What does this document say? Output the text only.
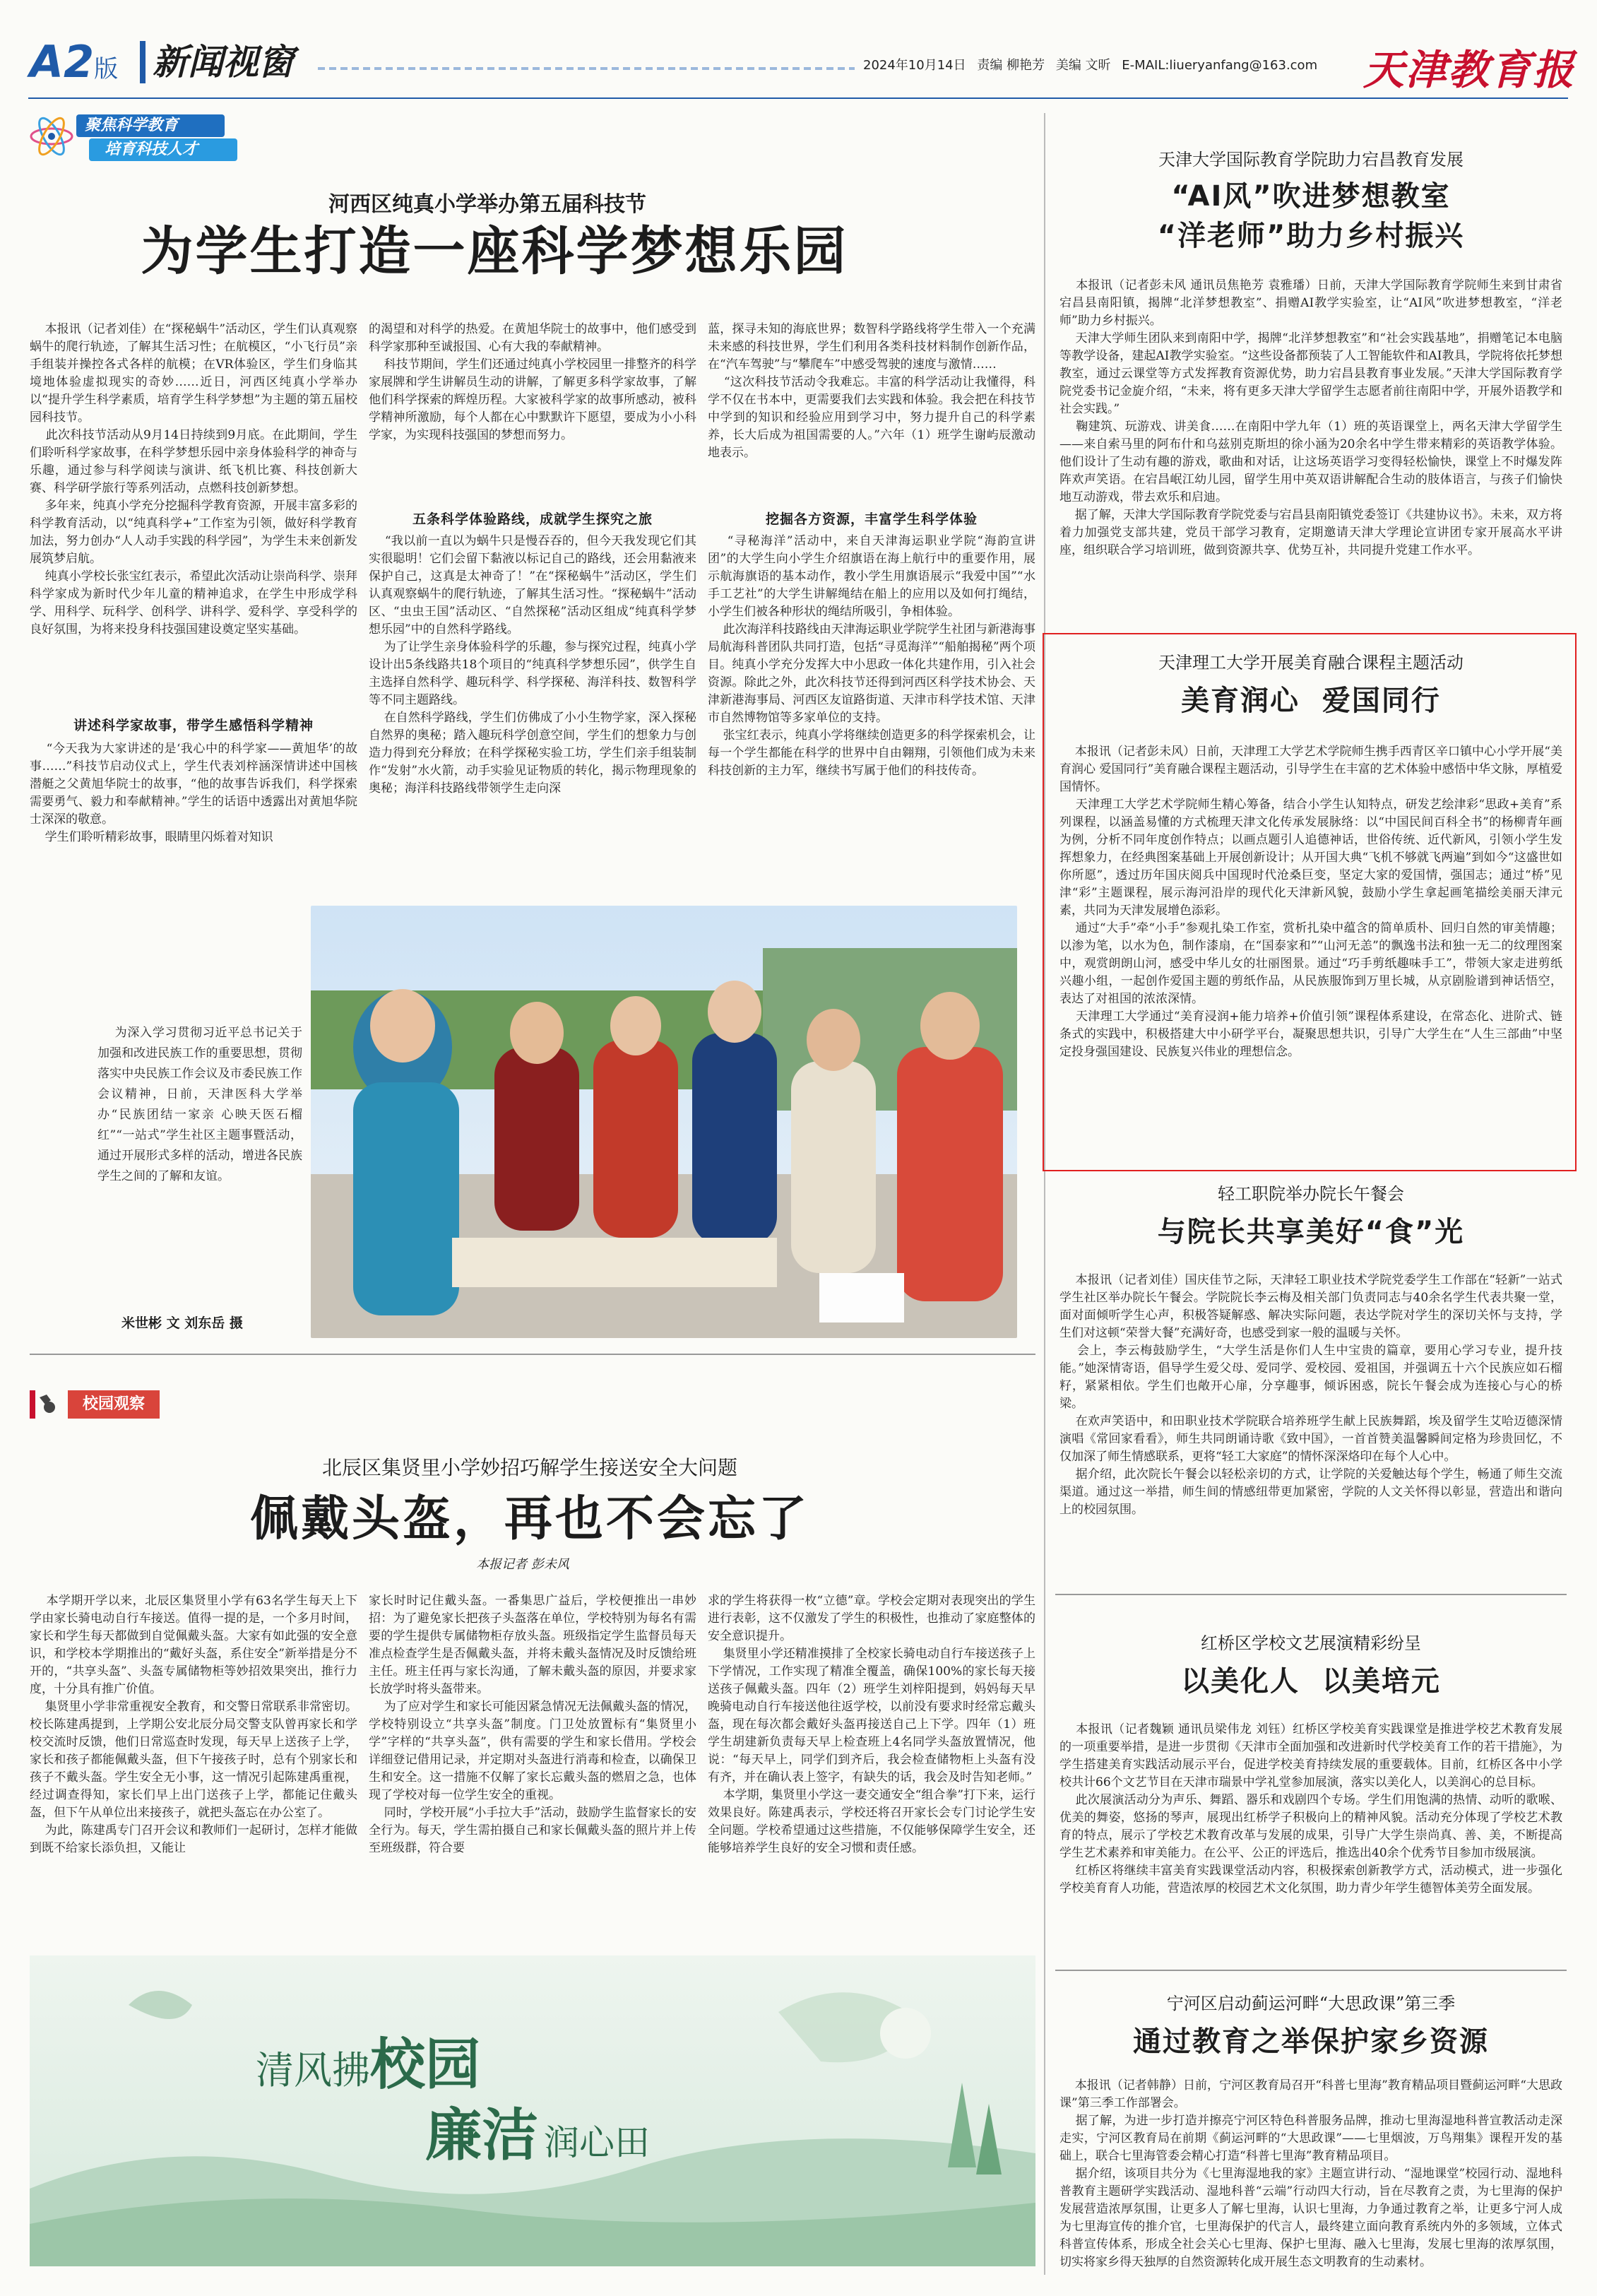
A2版 新闻视窗	2024年10月14日 责编 柳艳芳 美编 文昕 E-MAIL:liueryanfang@163.com 天津教育报
聚焦科学教育
培育科技人才
河西区纯真小学举办第五届科技节
为学生打造一座科学梦想乐园
本报讯（记者刘佳）在“探秘蜗牛”活动区，学生们认真观察蜗牛的爬行轨迹，了解其生活习性；在航模区，“小飞行员”亲手组装并操控各式各样的航模；在VR体验区，学生们身临其境地体验虚拟现实的奇妙……近日，河西区纯真小学举办以“提升学生科学素质，培育学生科学梦想”为主题的第五届校园科技节。
此次科技节活动从9月14日持续到9月底。在此期间，学生们聆听科学家故事，在科学梦想乐园中亲身体验科学的神奇与乐趣，通过参与科学阅读与演讲、纸飞机比赛、科技创新大赛、科学研学旅行等系列活动，点燃科技创新梦想。
多年来，纯真小学充分挖掘科学教育资源，开展丰富多彩的科学教育活动，以“纯真科学+”工作室为引领，做好科学教育加法，努力创办“人人动手实践的科学园”，为学生未来创新发展筑梦启航。
纯真小学校长张宝红表示，希望此次活动让崇尚科学、崇拜科学家成为新时代少年儿童的精神追求，在学生中形成学科学、用科学、玩科学、创科学、讲科学、爱科学、享受科学的良好氛围，为将来投身科技强国建设奠定坚实基础。
讲述科学家故事，带学生感悟科学精神
“今天我为大家讲述的是‘我心中的科学家——黄旭华’的故事……”科技节启动仪式上，学生代表刘梓涵深情讲述中国核潜艇之父黄旭华院士的故事，“他的故事告诉我们，科学探索需要勇气、毅力和奉献精神。”学生的话语中透露出对黄旭华院士深深的敬意。
学生们聆听精彩故事，眼睛里闪烁着对知识
的渴望和对科学的热爱。在黄旭华院士的故事中，他们感受到科学家那种至诚报国、心有大我的奉献精神。
科技节期间，学生们还通过纯真小学校园里一排整齐的科学家展牌和学生讲解员生动的讲解，了解更多科学家故事，了解他们科学探索的辉煌历程。大家被科学家的故事所感动，被科学精神所激励，每个人都在心中默默许下愿望，要成为小小科学家，为实现科技强国的梦想而努力。
五条科学体验路线，成就学生探究之旅
“我以前一直以为蜗牛只是慢吞吞的，但今天我发现它们其实很聪明！它们会留下黏液以标记自己的路线，还会用黏液来保护自己，这真是太神奇了！”在“探秘蜗牛”活动区，学生们认真观察蜗牛的爬行轨迹，了解其生活习性。“探秘蜗牛”活动区、“虫虫王国”活动区、“自然探秘”活动区组成“纯真科学梦想乐园”中的自然科学路线。
为了让学生亲身体验科学的乐趣，参与探究过程，纯真小学设计出5条线路共18个项目的“纯真科学梦想乐园”，供学生自主选择自然科学、趣玩科学、科学探秘、海洋科技、数智科学等不同主题路线。
在自然科学路线，学生们仿佛成了小小生物学家，深入探秘自然界的奥秘；踏入趣玩科学创意空间，学生们的想象力与创造力得到充分释放；在科学探秘实验工坊，学生们亲手组装制作“发射”水火箭，动手实验见证物质的转化，揭示物理现象的奥秘；海洋科技路线带领学生走向深
蓝，探寻未知的海底世界；数智科学路线将学生带入一个充满未来感的科技世界，学生们利用各类科技材料制作创新作品，在“汽车驾驶”与“攀爬车”中感受驾驶的速度与激情……
“这次科技节活动令我难忘。丰富的科学活动让我懂得，科学不仅在书本中，更需要我们去实践和体验。我会把在科技节中学到的知识和经验应用到学习中，努力提升自己的科学素养，长大后成为祖国需要的人。”六年（1）班学生谢屿辰激动地表示。
挖掘各方资源，丰富学生科学体验
“寻秘海洋”活动中，来自天津海运职业学院“海韵宣讲团”的大学生向小学生介绍旗语在海上航行中的重要作用，展示航海旗语的基本动作，教小学生用旗语展示“我爱中国”“水手工艺社”的大学生讲解绳结在船上的应用以及如何打绳结，小学生们被各种形状的绳结所吸引，争相体验。
此次海洋科技路线由天津海运职业学院学生社团与新港海事局航海科普团队共同打造，包括“寻觅海洋”“船舶揭秘”两个项目。纯真小学充分发挥大中小思政一体化共建作用，引入社会资源。除此之外，此次科技节还得到河西区科学技术协会、天津新港海事局、河西区友谊路街道、天津市科学技术馆、天津市自然博物馆等多家单位的支持。
张宝红表示，纯真小学将继续创造更多的科学探索机会，让每一个学生都能在科学的世界中自由翱翔，引领他们成为未来科技创新的主力军，继续书写属于他们的科技传奇。
为深入学习贯彻习近平总书记关于加强和改进民族工作的重要思想，贯彻落实中央民族工作会议及市委民族工作会议精神，日前，天津医科大学举办“民族团结一家亲 心映天医石榴红”“一站式”学生社区主题事暨活动，通过开展形式多样的活动，增进各民族学生之间的了解和友谊。
米世彬 文 刘东岳 摄
校园观察
北辰区集贤里小学妙招巧解学生接送安全大问题
佩戴头盔，再也不会忘了
本报记者 彭未风
本学期开学以来，北辰区集贤里小学有63名学生每天上下学由家长骑电动自行车接送。值得一提的是，一个多月时间，家长和学生每天都做到自觉佩戴头盔。大家有如此强的安全意识，和学校本学期推出的“戴好头盔，系住安全”新举措是分不开的，“共享头盔”、头盔专属储物柜等妙招效果突出，推行力度，十分具有推广价值。
集贤里小学非常重视安全教育，和交警日常联系非常密切。校长陈建禹提到，上学期公安北辰分局交警支队曾再家长和学校交流时反馈，他们日常巡查时发现，每天早上送孩子上学，家长和孩子都能佩戴头盔，但下午接孩子时，总有个别家长和孩子不戴头盔。学生安全无小事，这一情况引起陈建禹重视，经过调查得知，家长们早上出门送孩子上学，都能记住戴头盔，但下午从单位出来接孩子，就把头盔忘在办公室了。
为此，陈建禹专门召开会议和教师们一起研讨，怎样才能做到既不给家长添负担，又能让
家长时时记住戴头盔。一番集思广益后，学校便推出一串妙招：为了避免家长把孩子头盔落在单位，学校特别为每名有需要的学生提供专属储物柜存放头盔。班级指定学生监督员每天准点检查学生是否佩戴头盔，并将未戴头盔情况及时反馈给班主任。班主任再与家长沟通，了解未戴头盔的原因，并要求家长放学时将头盔带来。
为了应对学生和家长可能因紧急情况无法佩戴头盔的情况，学校特别设立“共享头盔”制度。门卫处放置标有“集贤里小学”字样的“共享头盔”，供有需要的学生和家长借用。学校会详细登记借用记录，并定期对头盔进行消毒和检查，以确保卫生和安全。这一措施不仅解了家长忘戴头盔的燃眉之急，也体现了学校对每一位学生安全的重视。
同时，学校开展“小手拉大手”活动，鼓励学生监督家长的安全行为。每天，学生需拍摄自己和家长佩戴头盔的照片并上传至班级群，符合要
求的学生将获得一枚“立德”章。学校会定期对表现突出的学生进行表彰，这不仅激发了学生的积极性，也推动了家庭整体的安全意识提升。
集贤里小学还精准摸排了全校家长骑电动自行车接送孩子上下学情况，工作实现了精准全覆盖，确保100%的家长每天接送孩子佩戴头盔。四年（2）班学生刘梓阳提到，妈妈每天早晚骑电动自行车接送他往返学校，以前没有要求时经常忘戴头盔，现在每次都会戴好头盔再接送自己上下学。四年（1）班学生胡建新负责每天早上检查班上4名同学头盔放置情况，他说：“每天早上，同学们到齐后，我会检查储物柜上头盔有没有齐，并在确认表上签字，有缺失的话，我会及时告知老师。”
本学期，集贤里小学这一妻交通安全“组合拳”打下来，运行效果良好。陈建禹表示，学校还将召开家长会专门讨论学生安全问题。学校希望通过这些措施，不仅能够保障学生安全，还能够培养学生良好的安全习惯和责任感。
清风拂校园
廉洁 润心田
天津大学国际教育学院助力宕昌教育发展
“AI风”吹进梦想教室
“洋老师”助力乡村振兴
本报讯（记者彭未风 通讯员焦艳芳 袁雅璠）日前，天津大学国际教育学院师生来到甘肃省宕昌县南阳镇，揭牌“北洋梦想教室”、捐赠AI教学实验室，让“AI风”吹进梦想教室，“洋老师”助力乡村振兴。
天津大学师生团队来到南阳中学，揭牌“北洋梦想教室”和“社会实践基地”，捐赠笔记本电脑等教学设备，建起AI教学实验室。“这些设备都预装了人工智能软件和AI教具，学院将依托梦想教室，通过云课堂等方式发挥教育资源优势，助力宕昌县教育事业发展。”天津大学国际教育学院党委书记金旋介绍，“未来，将有更多天津大学留学生志愿者前往南阳中学，开展外语教学和社会实践。”
鞠建筑、玩游戏、讲美食……在南阳中学九年（1）班的英语课堂上，两名天津大学留学生——来自索马里的阿布什和乌兹别克斯坦的徐小涵为20余名中学生带来精彩的英语教学体验。他们设计了生动有趣的游戏，歌曲和对话，让这场英语学习变得轻松愉快，课堂上不时爆发阵阵欢声笑语。在宕昌岷江幼儿园，留学生用中英双语讲解配合生动的肢体语言，与孩子们愉快地互动游戏，带去欢乐和启迪。
据了解，天津大学国际教育学院党委与宕昌县南阳镇党委签订《共建协议书》。未来，双方将着力加强党支部共建，党员干部学习教育，定期邀请天津大学理论宣讲团专家开展高水平讲座，组织联合学习培训班，做到资源共享、优势互补，共同提升党建工作水平。
天津理工大学开展美育融合课程主题活动
美育润心  爱国同行
本报讯（记者彭未风）日前，天津理工大学艺术学院师生携手西青区辛口镇中心小学开展“美育润心 爱国同行”美育融合课程主题活动，引导学生在丰富的艺术体验中感悟中华文脉，厚植爱国情怀。
天津理工大学艺术学院师生精心筹备，结合小学生认知特点，研发艺绘津彩“思政+美育”系列课程，以涵盖易懂的方式梳理天津文化传承发展脉络：以“中国民间百科全书”的杨柳青年画为例，分析不同年度创作特点；以画点题引人追德神话，世俗传统、近代新风，引领小学生发挥想象力，在经典图案基础上开展创新设计；从开国大典“飞机不够就飞两遍”到如今“这盛世如你所愿”，透过历年国庆阅兵中国现时代沧桑巨变，坚定大家的爱国情，强国志；通过“桥”见津“彩”主题课程，展示海河沿岸的现代化天津新风貌，鼓励小学生拿起画笔描绘美丽天津元素，共同为天津发展增色添彩。
通过“大手”牵“小手”参观扎染工作室，赏析扎染中蕴含的简单质朴、回归自然的审美情趣；以渗为笔，以水为色，制作漆扇，在“国泰家和”“山河无恙”的飘逸书法和独一无二的纹理图案中，观赏朗朗山河，感受中华儿女的壮丽图景。通过“巧手剪纸趣味手工”，带领大家走进剪纸兴趣小组，一起创作爱国主题的剪纸作品，从民族服饰到万里长城，从京剧脸谱到神话悟空，表达了对祖国的浓浓深情。
天津理工大学通过“美育浸润+能力培养+价值引领”课程体系建设，在常态化、进阶式、链条式的实践中，积极搭建大中小研学平台，凝聚思想共识，引导广大学生在“人生三部曲”中坚定投身强国建设、民族复兴伟业的理想信念。
轻工职院举办院长午餐会
与院长共享美好“食”光
本报讯（记者刘佳）国庆佳节之际，天津轻工职业技术学院党委学生工作部在“轻新”一站式学生社区举办院长午餐会。学院院长李云梅及相关部门负责同志与40余名学生代表共聚一堂，面对面倾听学生心声，积极答疑解惑、解决实际问题，表达学院对学生的深切关怀与支持，学生们对这顿“荣誉大餐”充满好奇，也感受到家一般的温暖与关怀。
会上，李云梅鼓励学生，“大学生活是你们人生中宝贵的篇章，要用心学习专业，提升技能。”她深情寄语，倡导学生爱父母、爱同学、爱校园、爱祖国，并强调五十六个民族应如石榴籽，紧紧相依。学生们也敞开心扉，分享趣事，倾诉困惑，院长午餐会成为连接心与心的桥梁。
在欢声笑语中，和田职业技术学院联合培养班学生献上民族舞蹈，埃及留学生艾哈迈德深情演唱《常回家看看》，师生共同朗诵诗歌《致中国》，一首首赞美温馨瞬间定格为珍贵回忆，不仅加深了师生情感联系，更将“轻工大家庭”的情怀深深烙印在每个人心中。
据介绍，此次院长午餐会以轻松亲切的方式，让学院的关爱触达每个学生，畅通了师生交流渠道。通过这一举措，师生间的情感纽带更加紧密，学院的人文关怀得以彰显，营造出和谐向上的校园氛围。
红桥区学校文艺展演精彩纷呈
以美化人  以美培元
本报讯（记者魏颖 通讯员梁伟龙 刘钰）红桥区学校美育实践课堂是推进学校艺术教育发展的一项重要举措，是进一步贯彻《天津市全面加强和改进新时代学校美育工作的若干措施》，为学生搭建美育实践活动展示平台，促进学校美育持续发展的重要载体。目前，红桥区各中小学校共计66个文艺节目在天津市瑞景中学礼堂参加展演，落实以美化人，以美润心的总目标。
此次展演活动分为声乐、舞蹈、器乐和戏剧四个专场。学生们用饱满的热情、动听的歌喉、优美的舞姿，悠扬的琴声，展现出红桥学子积极向上的精神风貌。活动充分体现了学校艺术教育的特点，展示了学校艺术教育改革与发展的成果，引导广大学生崇尚真、善、美，不断提高学生艺术素养和审美能力。在公平、公正的评选后，推选出40余个优秀节目参加市级展演。
红桥区将继续丰富美育实践课堂活动内容，积极探索创新教学方式，活动模式，进一步强化学校美育育人功能，营造浓厚的校园艺术文化氛围，助力青少年学生德智体美劳全面发展。
宁河区启动蓟运河畔“大思政课”第三季
通过教育之举保护家乡资源
本报讯（记者韩静）日前，宁河区教育局召开“科普七里海”教育精品项目暨蓟运河畔“大思政课”第三季工作部署会。
据了解，为进一步打造并擦亮宁河区特色科普服务品牌，推动七里海湿地科普宣教活动走深走实，宁河区教育局在前期《蓟运河畔的“大思政课”——七里烟波，万鸟翔集》课程开发的基础上，联合七里海管委会精心打造“科普七里海”教育精品项目。
据介绍，该项目共分为《七里海湿地我的家》主题宣讲行动、“湿地课堂”校园行动、湿地科普教育主题研学实践活动、湿地科普“云端”行动四大行动，旨在尽教育之责，为七里海的保护发展营造浓厚氛围，让更多人了解七里海，认识七里海，力争通过教育之举，让更多宁河人成为七里海宣传的推介官，七里海保护的代言人，最终建立面向教育系统内外的多领域，立体式科普宣传体系，形成全社会关心七里海、保护七里海、融入七里海，发展七里海的浓厚氛围，切实将家乡得天独厚的自然资源转化成开展生态文明教育的生动素材。
